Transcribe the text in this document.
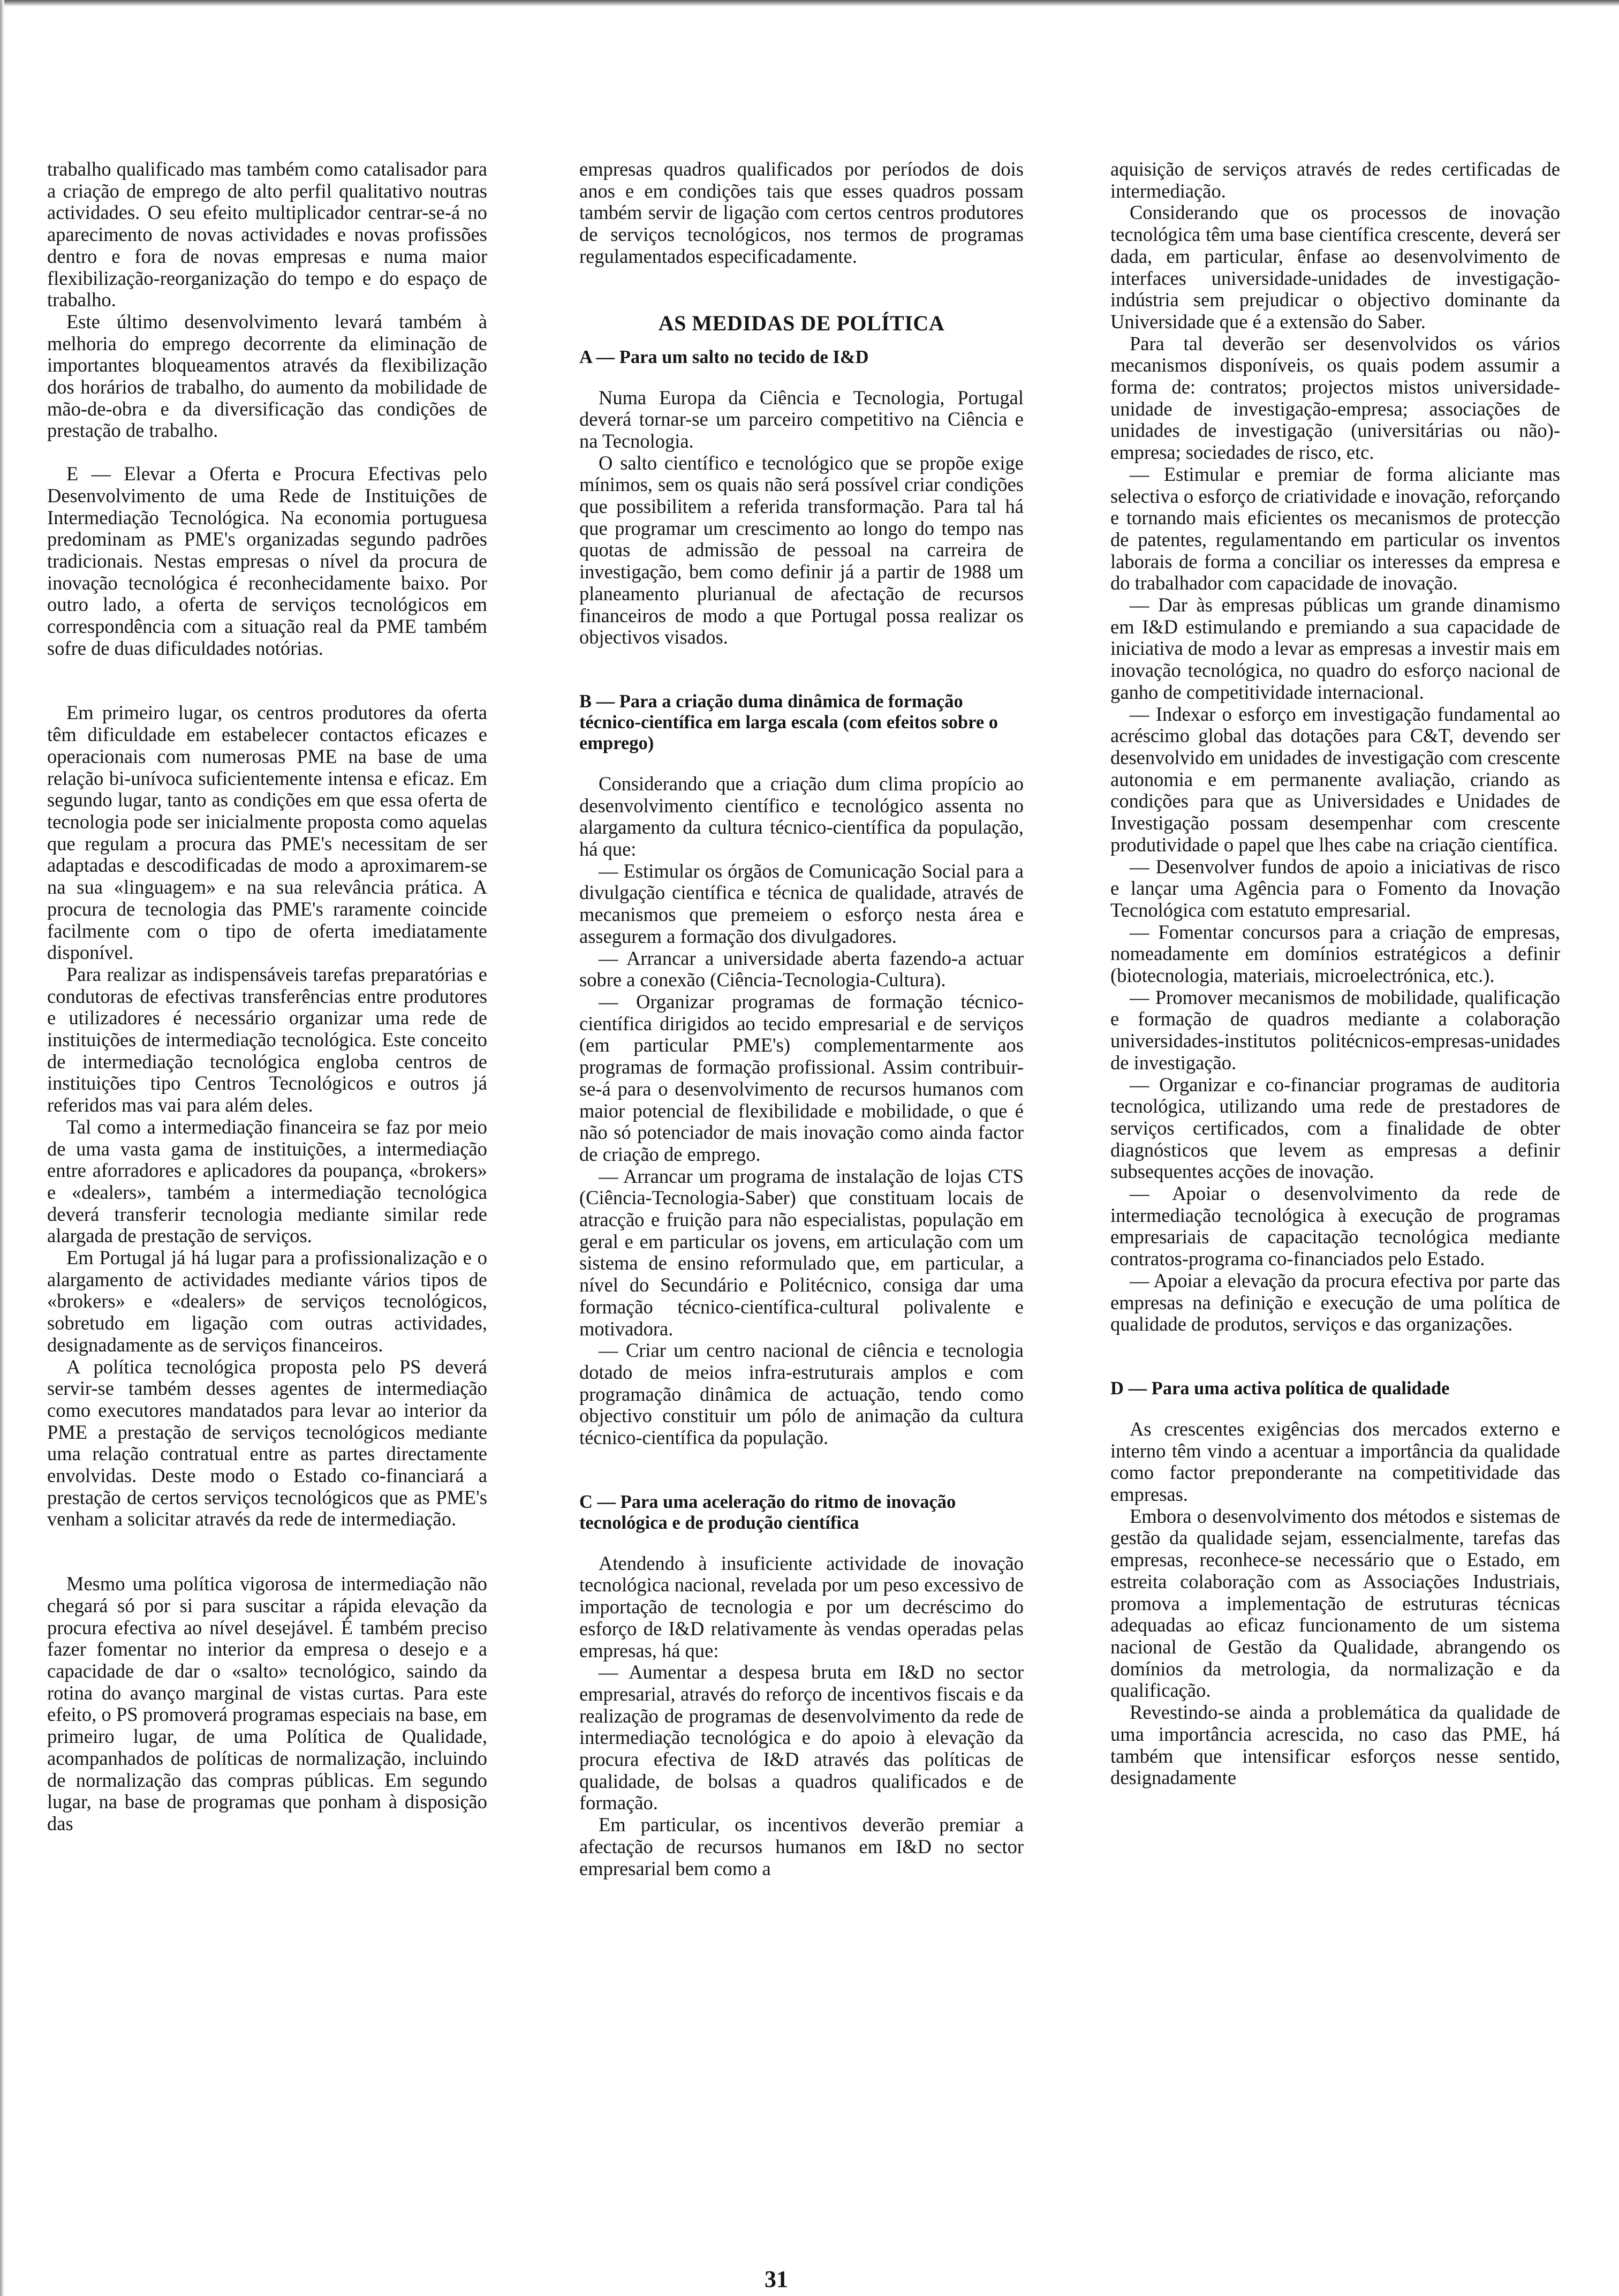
trabalho qualificado mas também como catalisador para a criação de emprego de alto perfil qualitativo noutras actividades. O seu efeito multiplicador centrar-se-á no aparecimento de novas actividades e novas profissões dentro e fora de novas empresas e numa maior flexibilização-reorganização do tempo e do espaço de trabalho.

Este último desenvolvimento levará também à melhoria do emprego decorrente da eliminação de importantes bloqueamentos através da flexibilização dos horários de trabalho, do aumento da mobilidade de mão-de-obra e da diversificação das condições de prestação de trabalho.

E — Elevar a Oferta e Procura Efectivas pelo Desenvolvimento de uma Rede de Instituições de Intermediação Tecnológica. Na economia portuguesa predominam as PME's organizadas segundo padrões tradicionais. Nestas empresas o nível da procura de inovação tecnológica é reconhecidamente baixo. Por outro lado, a oferta de serviços tecnológicos em correspondência com a situação real da PME também sofre de duas dificuldades notórias.

Em primeiro lugar, os centros produtores da oferta têm dificuldade em estabelecer contactos eficazes e operacionais com numerosas PME na base de uma relação bi-unívoca suficientemente intensa e eficaz. Em segundo lugar, tanto as condições em que essa oferta de tecnologia pode ser inicialmente proposta como aquelas que regulam a procura das PME's necessitam de ser adaptadas e descodificadas de modo a aproximarem-se na sua «linguagem» e na sua relevância prática. A procura de tecnologia das PME's raramente coincide facilmente com o tipo de oferta imediatamente disponível.

Para realizar as indispensáveis tarefas preparatórias e condutoras de efectivas transferências entre produtores e utilizadores é necessário organizar uma rede de instituições de intermediação tecnológica. Este conceito de intermediação tecnológica engloba centros de instituições tipo Centros Tecnológicos e outros já referidos mas vai para além deles.

Tal como a intermediação financeira se faz por meio de uma vasta gama de instituições, a intermediação entre aforradores e aplicadores da poupança, «brokers» e «dealers», também a intermediação tecnológica deverá transferir tecnologia mediante similar rede alargada de prestação de serviços.

Em Portugal já há lugar para a profissionalização e o alargamento de actividades mediante vários tipos de «brokers» e «dealers» de serviços tecnológicos, sobretudo em ligação com outras actividades, designadamente as de serviços financeiros.

A política tecnológica proposta pelo PS deverá servir-se também desses agentes de intermediação como executores mandatados para levar ao interior da PME a prestação de serviços tecnológicos mediante uma relação contratual entre as partes directamente envolvidas. Deste modo o Estado co-financiará a prestação de certos serviços tecnológicos que as PME's venham a solicitar através da rede de intermediação.

Mesmo uma política vigorosa de intermediação não chegará só por si para suscitar a rápida elevação da procura efectiva ao nível desejável. É também preciso fazer fomentar no interior da empresa o desejo e a capacidade de dar o «salto» tecnológico, saindo da rotina do avanço marginal de vistas curtas. Para este efeito, o PS promoverá programas especiais na base, em primeiro lugar, de uma Política de Qualidade, acompanhados de políticas de normalização, incluindo de normalização das compras públicas. Em segundo lugar, na base de programas que ponham à disposição das

empresas quadros qualificados por períodos de dois anos e em condições tais que esses quadros possam também servir de ligação com certos centros produtores de serviços tecnológicos, nos termos de programas regulamentados especificadamente.

AS MEDIDAS DE POLÍTICA
A — Para um salto no tecido de I&D

Numa Europa da Ciência e Tecnologia, Portugal deverá tornar-se um parceiro competitivo na Ciência e na Tecnologia.

O salto científico e tecnológico que se propõe exige mínimos, sem os quais não será possível criar condições que possibilitem a referida transformação. Para tal há que programar um crescimento ao longo do tempo nas quotas de admissão de pessoal na carreira de investigação, bem como definir já a partir de 1988 um planeamento plurianual de afectação de recursos financeiros de modo a que Portugal possa realizar os objectivos visados.

B — Para a criação duma dinâmica de formação técnico-científica em larga escala (com efeitos sobre o emprego)

Considerando que a criação dum clima propício ao desenvolvimento científico e tecnológico assenta no alargamento da cultura técnico-científica da população, há que:

— Estimular os órgãos de Comunicação Social para a divulgação científica e técnica de qualidade, através de mecanismos que premeiem o esforço nesta área e assegurem a formação dos divulgadores.

— Arrancar a universidade aberta fazendo-a actuar sobre a conexão (Ciência-Tecnologia-Cultura).

— Organizar programas de formação técnico-científica dirigidos ao tecido empresarial e de serviços (em particular PME's) complementarmente aos programas de formação profissional. Assim contribuir-se-á para o desenvolvimento de recursos humanos com maior potencial de flexibilidade e mobilidade, o que é não só potenciador de mais inovação como ainda factor de criação de emprego.

— Arrancar um programa de instalação de lojas CTS (Ciência-Tecnologia-Saber) que constituam locais de atracção e fruição para não especialistas, população em geral e em particular os jovens, em articulação com um sistema de ensino reformulado que, em particular, a nível do Secundário e Politécnico, consiga dar uma formação técnico-científica-cultural polivalente e motivadora.

— Criar um centro nacional de ciência e tecnologia dotado de meios infra-estruturais amplos e com programação dinâmica de actuação, tendo como objectivo constituir um pólo de animação da cultura técnico-científica da população.

C — Para uma aceleração do ritmo de inovação tecnológica e de produção científica

Atendendo à insuficiente actividade de inovação tecnológica nacional, revelada por um peso excessivo de importação de tecnologia e por um decréscimo do esforço de I&D relativamente às vendas operadas pelas empresas, há que:

— Aumentar a despesa bruta em I&D no sector empresarial, através do reforço de incentivos fiscais e da realização de programas de desenvolvimento da rede de intermediação tecnológica e do apoio à elevação da procura efectiva de I&D através das políticas de qualidade, de bolsas a quadros qualificados e de formação.

Em particular, os incentivos deverão premiar a afectação de recursos humanos em I&D no sector empresarial bem como a

aquisição de serviços através de redes certificadas de intermediação.

Considerando que os processos de inovação tecnológica têm uma base científica crescente, deverá ser dada, em particular, ênfase ao desenvolvimento de interfaces universidade-unidades de investigação-indústria sem prejudicar o objectivo dominante da Universidade que é a extensão do Saber.

Para tal deverão ser desenvolvidos os vários mecanismos disponíveis, os quais podem assumir a forma de: contratos; projectos mistos universidade-unidade de investigação-empresa; associações de unidades de investigação (universitárias ou não)-empresa; sociedades de risco, etc.

— Estimular e premiar de forma aliciante mas selectiva o esforço de criatividade e inovação, reforçando e tornando mais eficientes os mecanismos de protecção de patentes, regulamentando em particular os inventos laborais de forma a conciliar os interesses da empresa e do trabalhador com capacidade de inovação.

— Dar às empresas públicas um grande dinamismo em I&D estimulando e premiando a sua capacidade de iniciativa de modo a levar as empresas a investir mais em inovação tecnológica, no quadro do esforço nacional de ganho de competitividade internacional.

— Indexar o esforço em investigação fundamental ao acréscimo global das dotações para C&T, devendo ser desenvolvido em unidades de investigação com crescente autonomia e em permanente avaliação, criando as condições para que as Universidades e Unidades de Investigação possam desempenhar com crescente produtividade o papel que lhes cabe na criação científica.

— Desenvolver fundos de apoio a iniciativas de risco e lançar uma Agência para o Fomento da Inovação Tecnológica com estatuto empresarial.

— Fomentar concursos para a criação de empresas, nomeadamente em domínios estratégicos a definir (biotecnologia, materiais, microelectrónica, etc.).

— Promover mecanismos de mobilidade, qualificação e formação de quadros mediante a colaboração universidades-institutos politécnicos-empresas-unidades de investigação.

— Organizar e co-financiar programas de auditoria tecnológica, utilizando uma rede de prestadores de serviços certificados, com a finalidade de obter diagnósticos que levem as empresas a definir subsequentes acções de inovação.

— Apoiar o desenvolvimento da rede de intermediação tecnológica à execução de programas empresariais de capacitação tecnológica mediante contratos-programa co-financiados pelo Estado.

— Apoiar a elevação da procura efectiva por parte das empresas na definição e execução de uma política de qualidade de produtos, serviços e das organizações.

D — Para uma activa política de qualidade

As crescentes exigências dos mercados externo e interno têm vindo a acentuar a importância da qualidade como factor preponderante na competitividade das empresas.

Embora o desenvolvimento dos métodos e sistemas de gestão da qualidade sejam, essencialmente, tarefas das empresas, reconhece-se necessário que o Estado, em estreita colaboração com as Associações Industriais, promova a implementação de estruturas técnicas adequadas ao eficaz funcionamento de um sistema nacional de Gestão da Qualidade, abrangendo os domínios da metrologia, da normalização e da qualificação.

Revestindo-se ainda a problemática da qualidade de uma importância acrescida, no caso das PME, há também que intensificar esforços nesse sentido, designadamente

31
